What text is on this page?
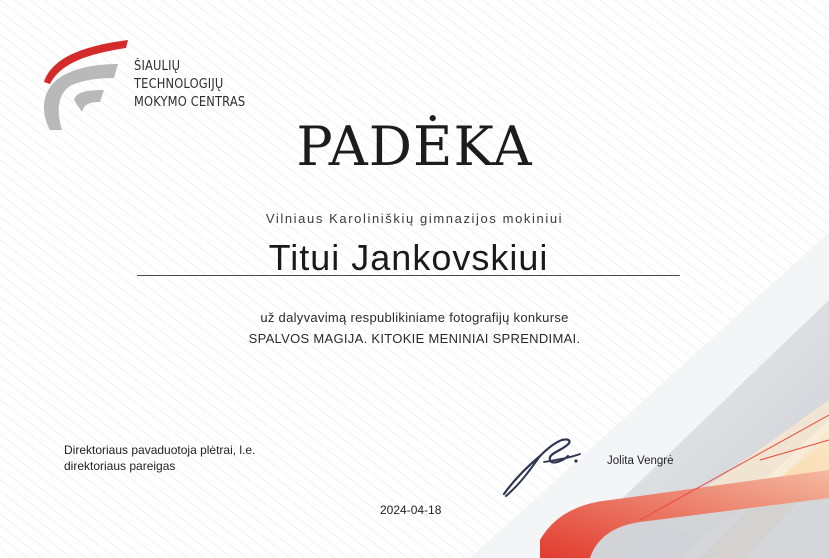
ŠIAULIŲ
TECHNOLOGIJŲ
MOKYMO CENTRAS
PADĖKA
Vilniaus Karoliniškių gimnazijos mokiniui
Titui Jankovskiui
už dalyvavimą respublikiniame fotografijų konkurse
SPALVOS MAGIJA. KITOKIE MENINIAI SPRENDIMAI.
Direktoriaus pavaduotoja plėtrai, l.e.
direktoriaus pareigas	Jolita Vengrė
2024-04-18
